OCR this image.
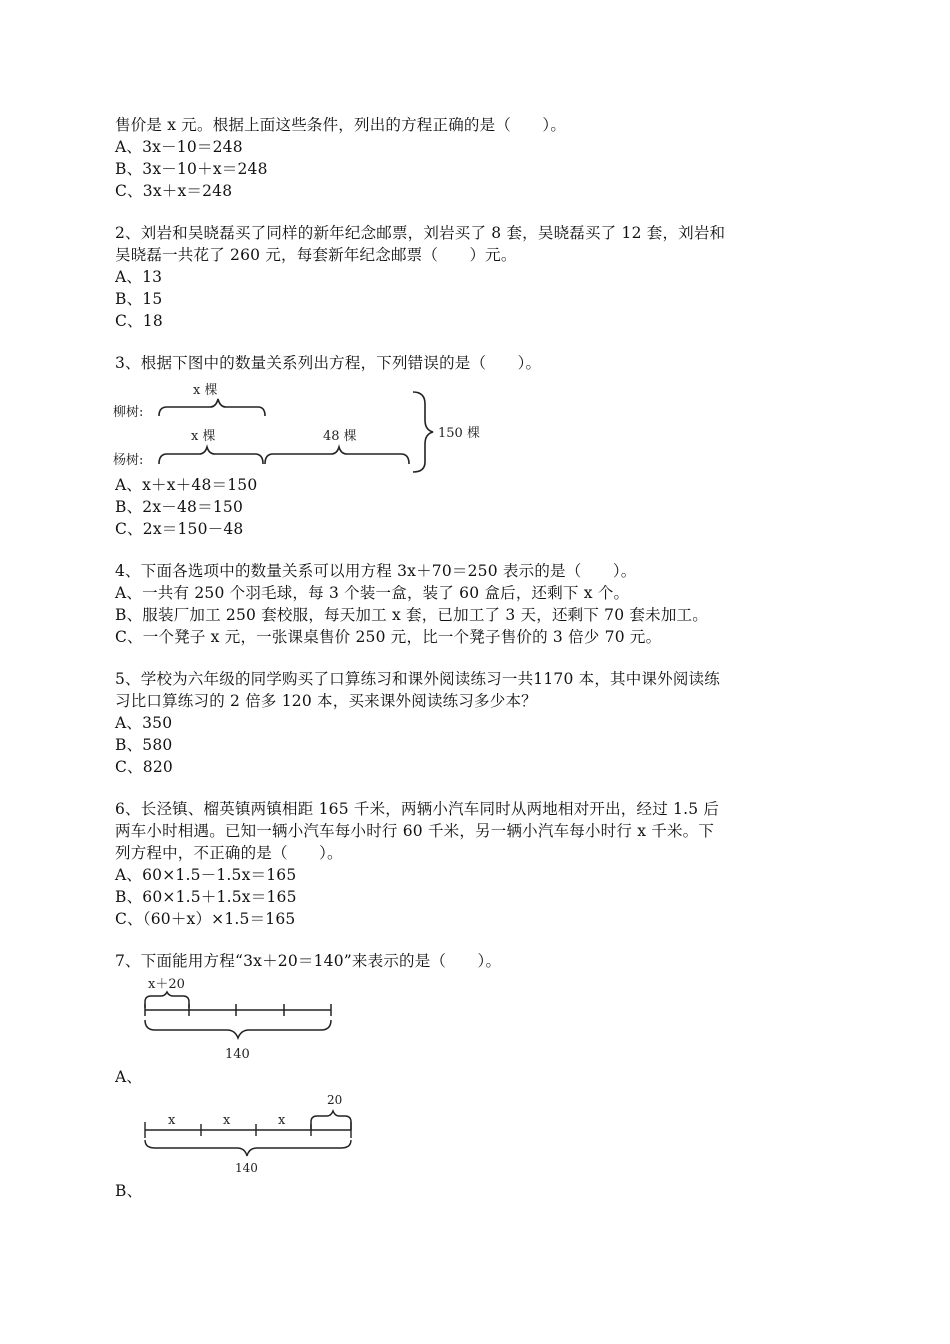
售价是 x 元。根据上面这些条件，列出的方程正确的是（　　）。
A、3x－10＝248
B、3x－10＋x＝248
C、3x＋x＝248
2、刘岩和吴晓磊买了同样的新年纪念邮票，刘岩买了 8 套，吴晓磊买了 12 套，刘岩和
吴晓磊一共花了 260 元，每套新年纪念邮票（　　）元。
A、13
B、15
C、18
3、根据下图中的数量关系列出方程，下列错误的是（　　）。
柳树:
x 棵
杨树:
x 棵	48 棵	150 棵
A、x＋x＋48＝150
B、2x－48＝150
C、2x＝150－48
4、下面各选项中的数量关系可以用方程 3x＋70＝250 表示的是（　　）。
A、一共有 250 个羽毛球，每 3 个装一盒，装了 60 盒后，还剩下 x 个。
B、服装厂加工 250 套校服，每天加工 x 套，已加工了 3 天，还剩下 70 套未加工。
C、一个凳子 x 元，一张课桌售价 250 元，比一个凳子售价的 3 倍少 70 元。
5、学校为六年级的同学购买了口算练习和课外阅读练习一共1170 本，其中课外阅读练
习比口算练习的 2 倍多 120 本，买来课外阅读练习多少本？
A、350
B、580
C、820
6、长泾镇、榴英镇两镇相距 165 千米，两辆小汽车同时从两地相对开出，经过 1.5 后
两车小时相遇。已知一辆小汽车每小时行 60 千米，另一辆小汽车每小时行 x 千米。下
列方程中，不正确的是（　　）。
A、60×1.5－1.5x＝165
B、60×1.5＋1.5x＝165
C、（60＋x）×1.5＝165
7、下面能用方程“3x＋20＝140”来表示的是（　　）。
x＋20
140
A、
20
x	x	x
140
B、
